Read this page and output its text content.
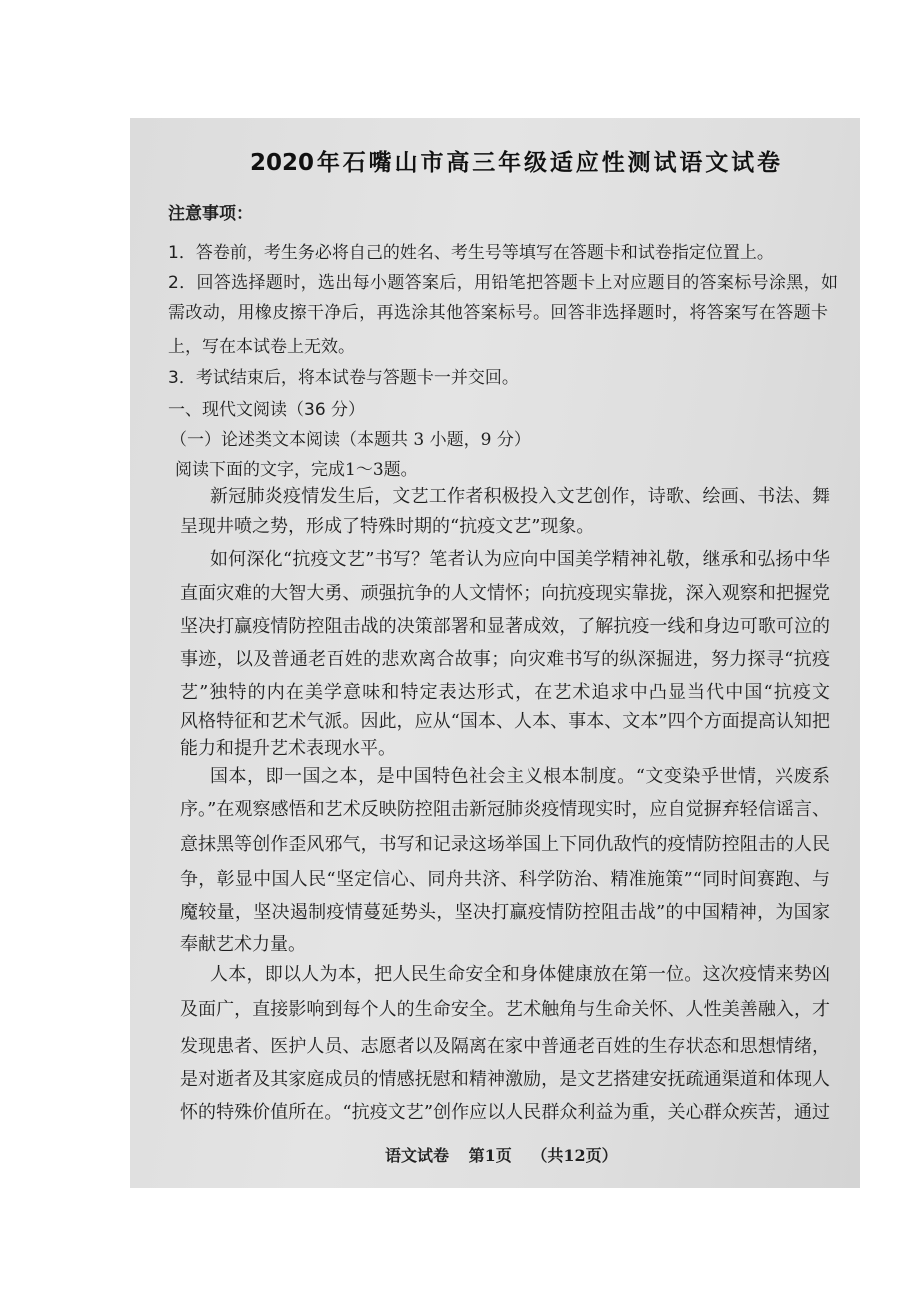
2020年石嘴山市高三年级适应性测试语文试卷
注意事项：
1．答卷前，考生务必将自己的姓名、考生号等填写在答题卡和试卷指定位置上。
2．回答选择题时，选出每小题答案后，用铅笔把答题卡上对应题目的答案标号涂黑，如
需改动，用橡皮擦干净后，再选涂其他答案标号。回答非选择题时，将答案写在答题卡
上，写在本试卷上无效。
3．考试结束后，将本试卷与答题卡一并交回。
一、现代文阅读（36 分）
（一）论述类文本阅读（本题共 3 小题，9 分）
阅读下面的文字，完成1～3题。
新冠肺炎疫情发生后，文艺工作者积极投入文艺创作，诗歌、绘画、书法、舞
呈现井喷之势，形成了特殊时期的“抗疫文艺”现象。
如何深化“抗疫文艺”书写？笔者认为应向中国美学精神礼敬，继承和弘扬中华
直面灾难的大智大勇、顽强抗争的人文情怀；向抗疫现实靠拢，深入观察和把握党
坚决打赢疫情防控阻击战的决策部署和显著成效，了解抗疫一线和身边可歌可泣的
事迹，以及普通老百姓的悲欢离合故事；向灾难书写的纵深掘进，努力探寻“抗疫
艺”独特的内在美学意味和特定表达形式，在艺术追求中凸显当代中国“抗疫文
风格特征和艺术气派。因此，应从“国本、人本、事本、文本”四个方面提高认知把
能力和提升艺术表现水平。
国本，即一国之本，是中国特色社会主义根本制度。“文变染乎世情，兴废系
序。”在观察感悟和艺术反映防控阻击新冠肺炎疫情现实时，应自觉摒弃轻信谣言、
意抹黑等创作歪风邪气，书写和记录这场举国上下同仇敌忾的疫情防控阻击的人民
争，彰显中国人民“坚定信心、同舟共济、科学防治、精准施策”“同时间赛跑、与
魔较量，坚决遏制疫情蔓延势头，坚决打赢疫情防控阻击战”的中国精神，为国家
奉献艺术力量。
人本，即以人为本，把人民生命安全和身体健康放在第一位。这次疫情来势凶
及面广，直接影响到每个人的生命安全。艺术触角与生命关怀、人性美善融入，才
发现患者、医护人员、志愿者以及隔离在家中普通老百姓的生存状态和思想情绪，
是对逝者及其家庭成员的情感抚慰和精神激励，是文艺搭建安抚疏通渠道和体现人
怀的特殊价值所在。“抗疫文艺”创作应以人民群众利益为重，关心群众疾苦，通过
语文试卷 第1页 （共12页）
